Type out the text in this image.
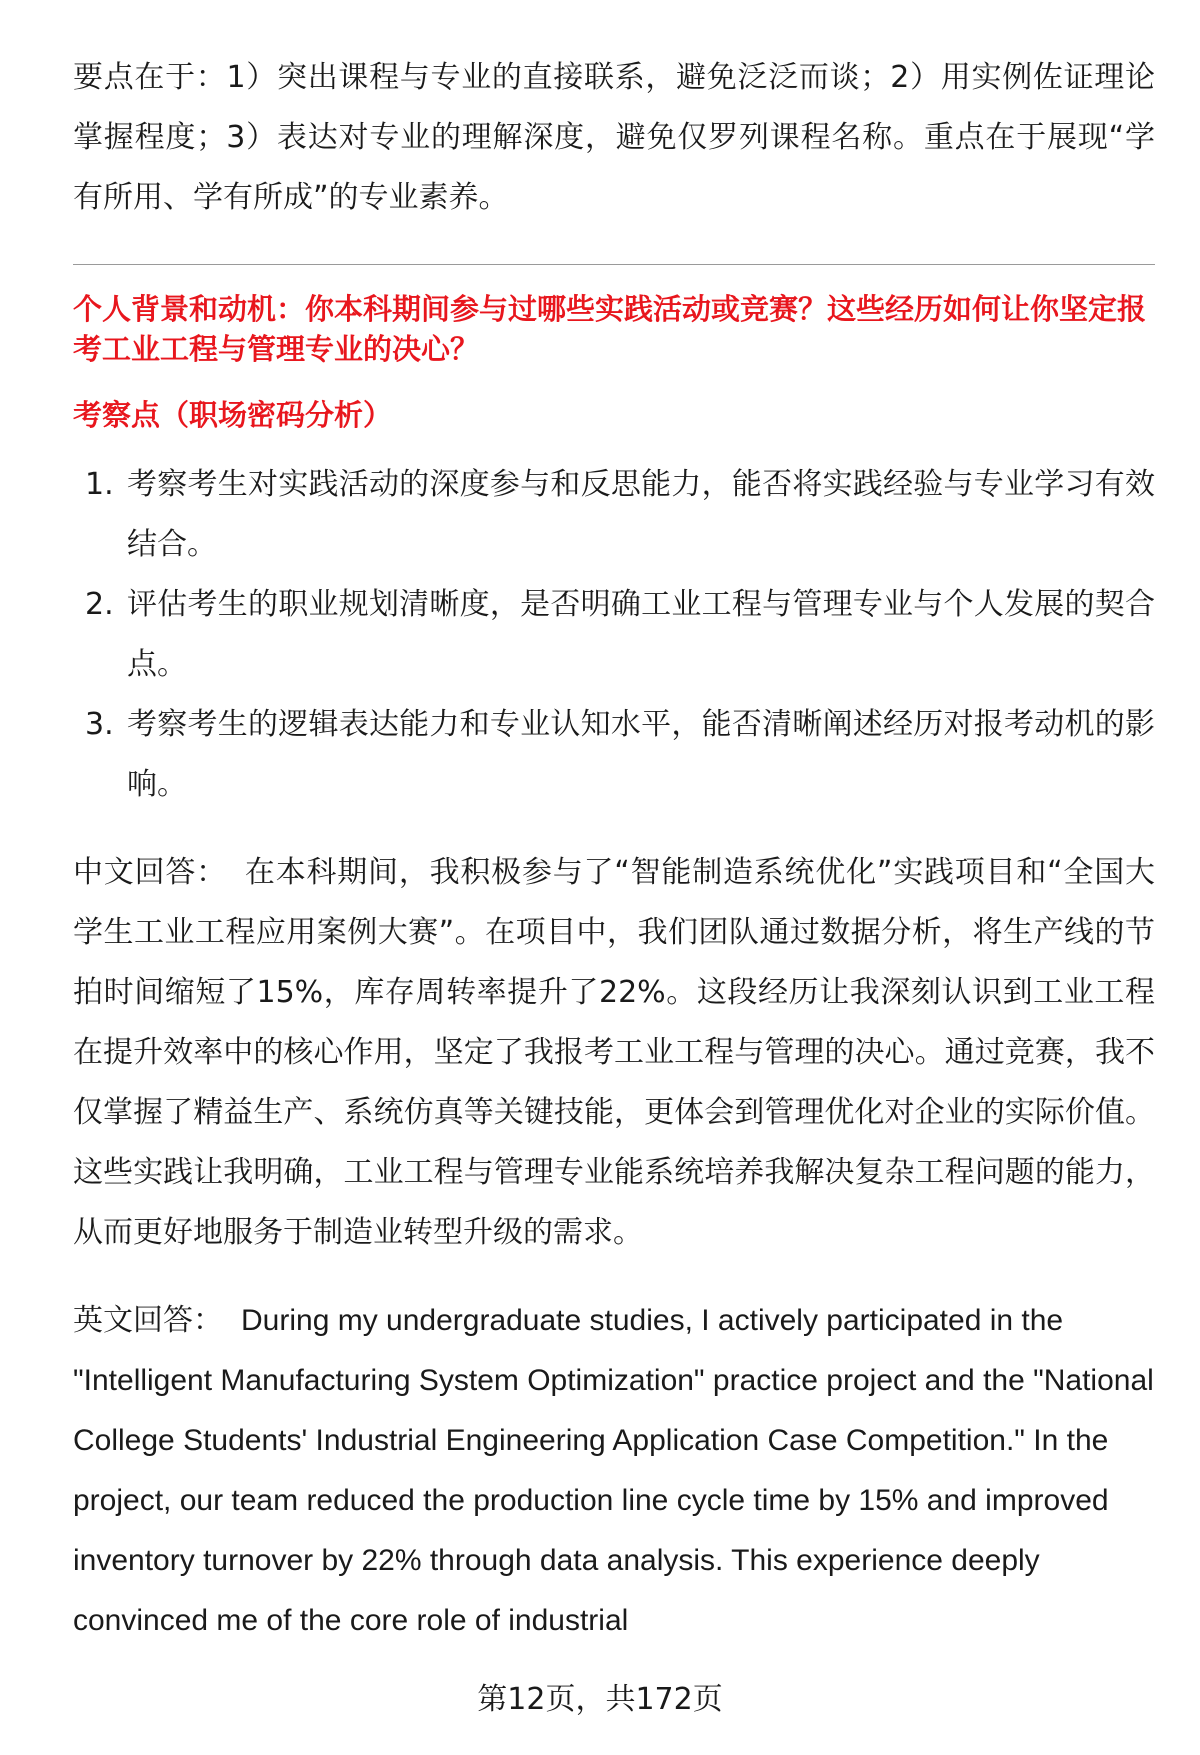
要点在于：1）突出课程与专业的直接联系，避免泛泛而谈；2）用实例佐证理论掌握程度；3）表达对专业的理解深度，避免仅罗列课程名称。重点在于展现“学有所用、学有所成”的专业素养。

个人背景和动机：你本科期间参与过哪些实践活动或竞赛？这些经历如何让你坚定报考工业工程与管理专业的决心？

考察点（职场密码分析）

1. 考察考生对实践活动的深度参与和反思能力，能否将实践经验与专业学习有效结合。
2. 评估考生的职业规划清晰度，是否明确工业工程与管理专业与个人发展的契合点。
3. 考察考生的逻辑表达能力和专业认知水平，能否清晰阐述经历对报考动机的影响。

中文回答： 在本科期间，我积极参与了“智能制造系统优化”实践项目和“全国大学生工业工程应用案例大赛”。在项目中，我们团队通过数据分析，将生产线的节拍时间缩短了15%，库存周转率提升了22%。这段经历让我深刻认识到工业工程在提升效率中的核心作用，坚定了我报考工业工程与管理的决心。通过竞赛，我不仅掌握了精益生产、系统仿真等关键技能，更体会到管理优化对企业的实际价值。这些实践让我明确，工业工程与管理专业能系统培养我解决复杂工程问题的能力，从而更好地服务于制造业转型升级的需求。

英文回答： During my undergraduate studies, I actively participated in the "Intelligent Manufacturing System Optimization" practice project and the "National College Students' Industrial Engineering Application Case Competition." In the project, our team reduced the production line cycle time by 15% and improved inventory turnover by 22% through data analysis. This experience deeply convinced me of the core role of industrial

第12页，共172页
